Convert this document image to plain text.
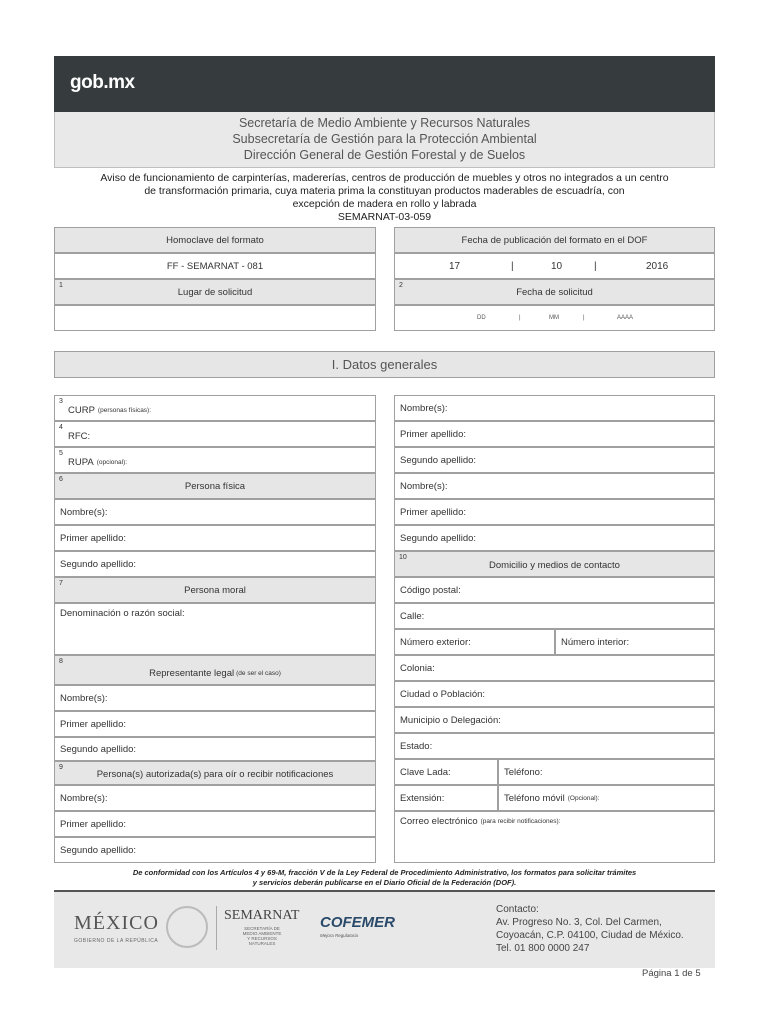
gob.mx
Secretaría de Medio Ambiente y Recursos Naturales
Subsecretaría de Gestión para la Protección Ambiental
Dirección General de Gestión Forestal y de Suelos
Aviso de funcionamiento de carpinterías, madererías, centros de producción de muebles y otros no integrados a un centro
de transformación primaria, cuya materia prima la constituyan productos maderables de escuadría, con
excepción de madera en rollo y labrada
SEMARNAT-03-059
Homoclave del formato
FF - SEMARNAT - 081
Fecha de publicación del formato en el DOF
17	|	10	|	2016
1
Lugar de solicitud
2
Fecha de solicitud
DD	|	MM	|	AAAA
I. Datos generales
3
CURP (personas físicas):
4
RFC:
5
RUPA (opcional):
6
Persona física
Nombre(s):
Primer apellido:
Segundo apellido:
7
Persona moral
Denominación o razón social:
8
Representante legal (de ser el caso)
Nombre(s):
Primer apellido:
Segundo apellido:
9
Persona(s) autorizada(s) para oír o recibir notificaciones
Nombre(s):
Primer apellido:
Segundo apellido:
Nombre(s):
Primer apellido:
Segundo apellido:
Nombre(s):
Primer apellido:
Segundo apellido:
10
Domicilio y medios de contacto
Código postal:
Calle:
Número exterior:	Número interior:
Colonia:
Ciudad o Población:
Municipio o Delegación:
Estado:
Clave Lada:	Teléfono:
Extensión:	Teléfono móvil (Opcional):
Correo electrónico (para recibir notificaciones):
De conformidad con los Artículos 4 y 69-M, fracción V de la Ley Federal de Procedimiento Administrativo, los formatos para solicitar trámites
y servicios deberán publicarse en el Diario Oficial de la Federación (DOF).
MÉXICO
GOBIERNO DE LA REPÚBLICA
SEMARNAT
SECRETARÍA DE
MEDIO AMBIENTE
Y RECURSOS NATURALES
COFEMER
Mejora Regulatoria
Contacto:
Av. Progreso No. 3, Col. Del Carmen,
Coyoacán, C.P. 04100, Ciudad de México.
Tel. 01 800 0000 247
Página 1 de 5
